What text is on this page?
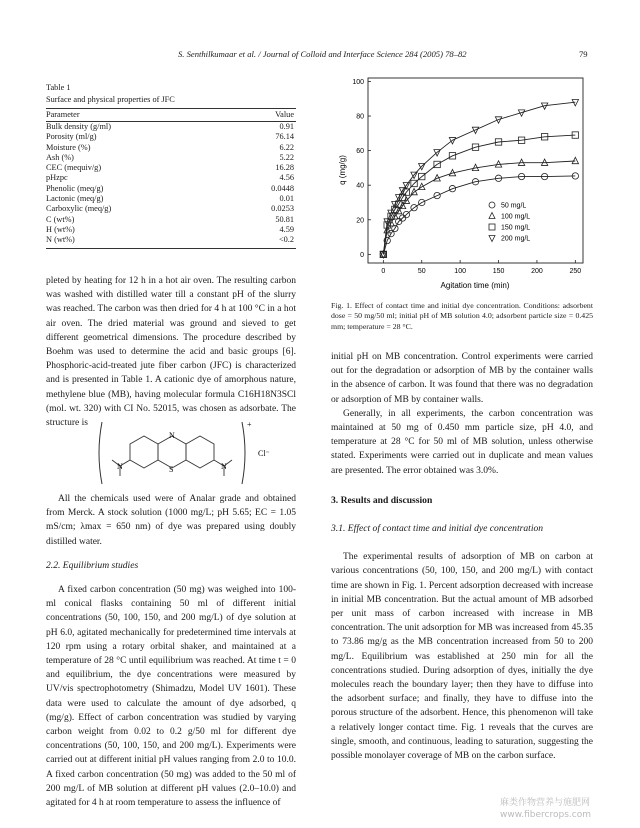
S. Senthilkumaar et al. / Journal of Colloid and Interface Science 284 (2005) 78–82	79
Table 1
Surface and physical properties of JFC
Parameter	Value
Bulk density (g/ml)	0.91
Porosity (ml/g)	76.14
Moisture (%)	6.22
Ash (%)	5.22
CEC (mequiv/g)	16.28
pHzpc	4.56
Phenolic (meq/g)	0.0448
Lactonic (meq/g)	0.01
Carboxylic (meq/g)	0.0253
C (wt%)	50.81
H (wt%)	4.59
N (wt%)	<0.2

pleted by heating for 12 h in a hot air oven. The resulting carbon was washed with distilled water till a constant pH of the slurry was reached. The carbon was then dried for 4 h at 100 °C in a hot air oven. The dried material was ground and sieved to get different geometrical dimensions. The procedure described by Boehm was used to determine the acid and basic groups [6]. Phosphoric-acid-treated jute fiber carbon (JFC) is characterized and is presented in Table 1. A cationic dye of amorphous nature, methylene blue (MB), having molecular formula C16H18N3SCl (mol. wt. 320) with CI No. 52015, was chosen as adsorbate. The structure is

N	S
N
N
+
Cl⁻

All the chemicals used were of Analar grade and obtained from Merck. A stock solution (1000 mg/L; pH 5.65; EC = 1.05 mS/cm; λmax = 650 nm) of dye was prepared using doubly distilled water.

2.2. Equilibrium studies

A fixed carbon concentration (50 mg) was weighed into 100-ml conical flasks containing 50 ml of different initial concentrations (50, 100, 150, and 200 mg/L) of dye solution at pH 6.0, agitated mechanically for predetermined time intervals at 120 rpm using a rotary orbital shaker, and maintained at a temperature of 28 °C until equilibrium was reached. At time t = 0 and equilibrium, the dye concentrations were measured by UV/vis spectrophotometry (Shimadzu, Model UV 1601). These data were used to calculate the amount of dye adsorbed, q (mg/g). Effect of carbon concentration was studied by varying carbon weight from 0.02 to 0.2 g/50 ml for different dye concentrations (50, 100, 150, and 200 mg/L). Experiments were carried out at different initial pH values ranging from 2.0 to 10.0. A fixed carbon concentration (50 mg) was added to the 50 ml of 200 mg/L of MB solution at different pH values (2.0–10.0) and agitated for 4 h at room temperature to assess the influence of

0	50	100	150	200	250
0
20
40
60
80
100
50 mg/L
100 mg/L
150 mg/L
200 mg/L
Agitation time (min)
q (mg/g)
Fig. 1. Effect of contact time and initial dye concentration. Conditions: adsorbent dose = 50 mg/50 ml; initial pH of MB solution 4.0; adsorbent particle size = 0.425 mm; temperature = 28 °C.

initial pH on MB concentration. Control experiments were carried out for the degradation or adsorption of MB by the container walls in the absence of carbon. It was found that there was no degradation or adsorption of MB by container walls.

Generally, in all experiments, the carbon concentration was maintained at 50 mg of 0.450 mm particle size, pH 4.0, and temperature at 28 °C for 50 ml of MB solution, unless otherwise stated. Experiments were carried out in duplicate and mean values are presented. The error obtained was 3.0%.

3. Results and discussion
3.1. Effect of contact time and initial dye concentration

The experimental results of adsorption of MB on carbon at various concentrations (50, 100, 150, and 200 mg/L) with contact time are shown in Fig. 1. Percent adsorption decreased with increase in initial MB concentration. But the actual amount of MB adsorbed per unit mass of carbon increased with increase in MB concentration. The unit adsorption for MB was increased from 45.35 to 73.86 mg/g as the MB concentration increased from 50 to 200 mg/L. Equilibrium was established at 250 min for all the concentrations studied. During adsorption of dyes, initially the dye molecules reach the boundary layer; then they have to diffuse into the adsorbent surface; and finally, they have to diffuse into the porous structure of the adsorbent. Hence, this phenomenon will take a relatively longer contact time. Fig. 1 reveals that the curves are single, smooth, and continuous, leading to saturation, suggesting the possible monolayer coverage of MB on the carbon surface.

麻类作物营养与施肥网
www.fibercrops.com
